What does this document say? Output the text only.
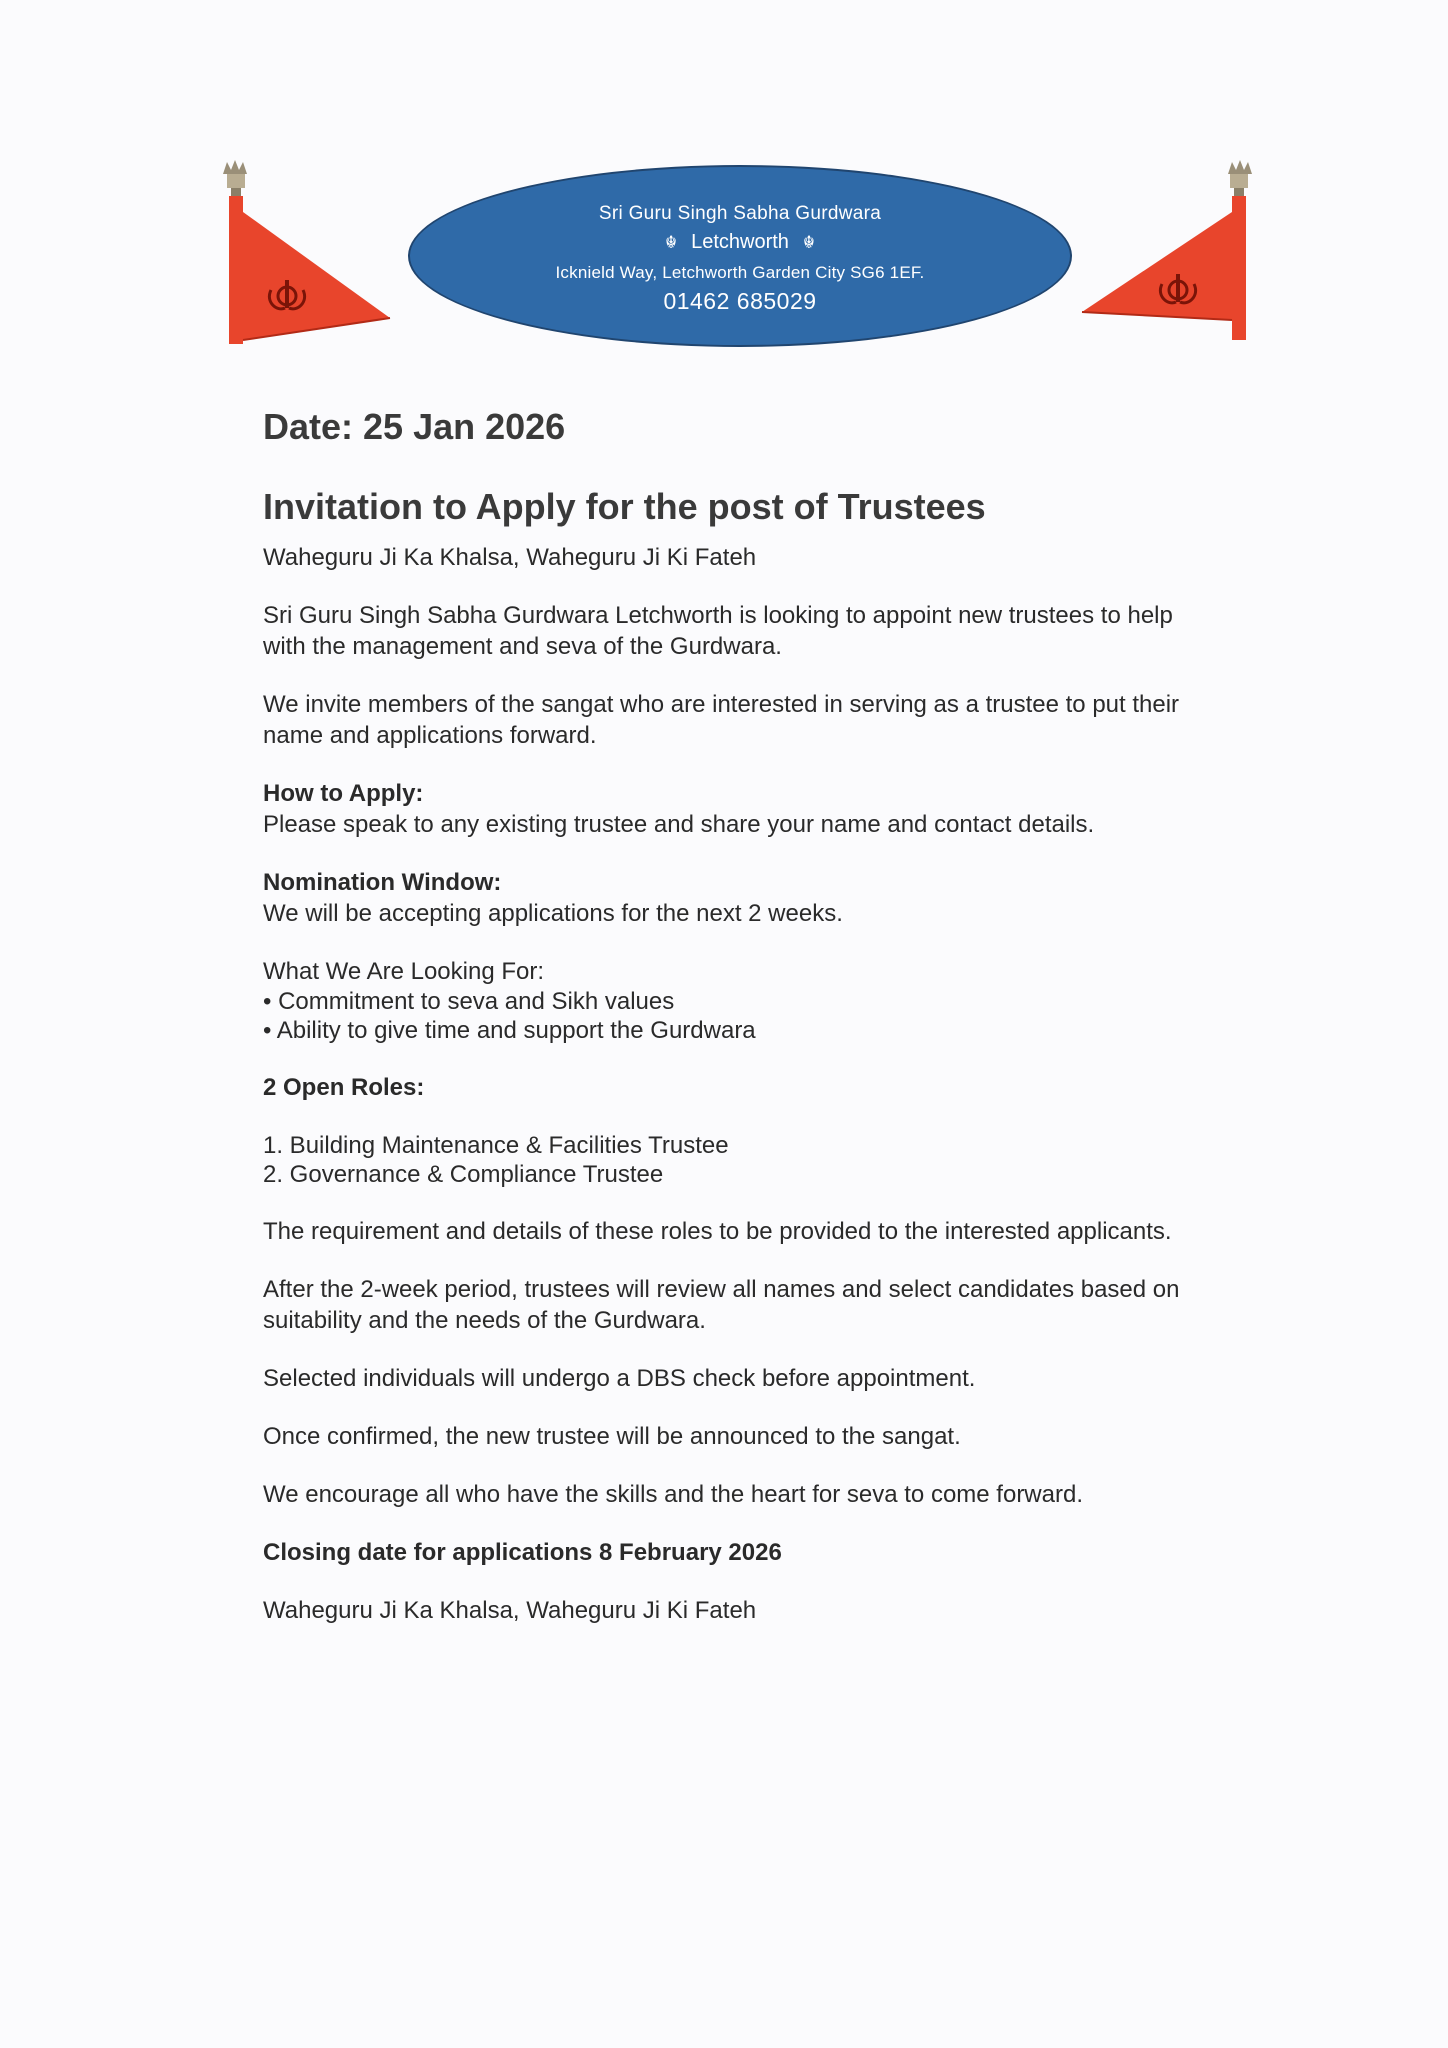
Sri Guru Singh Sabha Gurdwara
☬ Letchworth ☬
Icknield Way, Letchworth Garden City SG6 1EF.
01462 685029
Date: 25 Jan 2026
Invitation to Apply for the post of Trustees

Waheguru Ji Ka Khalsa, Waheguru Ji Ki Fateh

Sri Guru Singh Sabha Gurdwara Letchworth is looking to appoint new trustees to help with the management and seva of the Gurdwara.

We invite members of the sangat who are interested in serving as a trustee to put their name and applications forward.

How to Apply:

Please speak to any existing trustee and share your name and contact details.

Nomination Window:

We will be accepting applications for the next 2 weeks.

What We Are Looking For:

• Commitment to seva and Sikh values

• Ability to give time and support the Gurdwara

2 Open Roles:

1. Building Maintenance & Facilities Trustee

2. Governance & Compliance Trustee

The requirement and details of these roles to be provided to the interested applicants.

After the 2-week period, trustees will review all names and select candidates based on suitability and the needs of the Gurdwara.

Selected individuals will undergo a DBS check before appointment.

Once confirmed, the new trustee will be announced to the sangat.

We encourage all who have the skills and the heart for seva to come forward.

Closing date for applications 8 February 2026

Waheguru Ji Ka Khalsa, Waheguru Ji Ki Fateh
